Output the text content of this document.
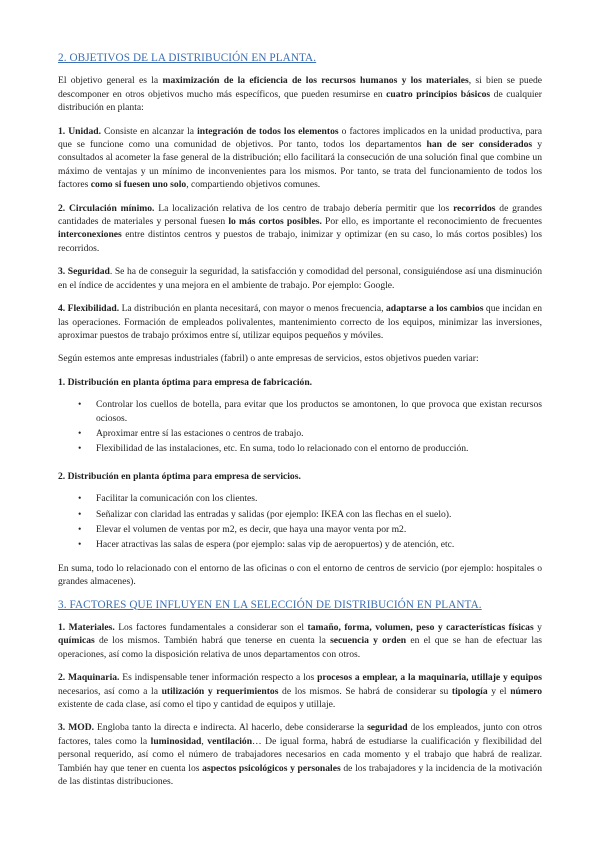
2. OBJETIVOS DE LA DISTRIBUCIÓN EN PLANTA.

El objetivo general es la maximización de la eficiencia de los recursos humanos y los materiales, si bien se puede descomponer en otros objetivos mucho más específicos, que pueden resumirse en cuatro principios básicos de cualquier distribución en planta:

1. Unidad. Consiste en alcanzar la integración de todos los elementos o factores implicados en la unidad productiva, para que se funcione como una comunidad de objetivos. Por tanto, todos los departamentos han de ser considerados y consultados al acometer la fase general de la distribución; ello facilitará la consecución de una solución final que combine un máximo de ventajas y un mínimo de inconvenientes para los mismos. Por tanto, se trata del funcionamiento de todos los factores como si fuesen uno solo, compartiendo objetivos comunes.

2. Circulación mínimo. La localización relativa de los centro de trabajo debería permitir que los recorridos de grandes cantidades de materiales y personal fuesen lo más cortos posibles. Por ello, es importante el reconocimiento de frecuentes interconexiones entre distintos centros y puestos de trabajo, inimizar y optimizar (en su caso, lo más cortos posibles) los recorridos.

3. Seguridad. Se ha de conseguir la seguridad, la satisfacción y comodidad del personal, consiguiéndose así una disminución en el índice de accidentes y una mejora en el ambiente de trabajo. Por ejemplo: Google.

4. Flexibilidad. La distribución en planta necesitará, con mayor o menos frecuencia, adaptarse a los cambios que incidan en las operaciones. Formación de empleados polivalentes, mantenimiento correcto de los equipos, minimizar las inversiones, aproximar puestos de trabajo próximos entre sí, utilizar equipos pequeños y móviles.

Según estemos ante empresas industriales (fabril) o ante empresas de servicios, estos objetivos pueden variar:

1. Distribución en planta óptima para empresa de fabricación.
• Controlar los cuellos de botella, para evitar que los productos se amontonen, lo que provoca que existan recursos ociosos.
• Aproximar entre sí las estaciones o centros de trabajo.
• Flexibilidad de las instalaciones, etc. En suma, todo lo relacionado con el entorno de producción.
2. Distribución en planta óptima para empresa de servicios.
• Facilitar la comunicación con los clientes.
• Señalizar con claridad las entradas y salidas (por ejemplo: IKEA con las flechas en el suelo).
• Elevar el volumen de ventas por m2, es decir, que haya una mayor venta por m2.
• Hacer atractivas las salas de espera (por ejemplo: salas vip de aeropuertos) y de atención, etc.

En suma, todo lo relacionado con el entorno de las oficinas o con el entorno de centros de servicio (por ejemplo: hospitales o grandes almacenes).

3. FACTORES QUE INFLUYEN EN LA SELECCIÓN DE DISTRIBUCIÓN EN PLANTA.

1. Materiales. Los factores fundamentales a considerar son el tamaño, forma, volumen, peso y características físicas y químicas de los mismos. También habrá que tenerse en cuenta la secuencia y orden en el que se han de efectuar las operaciones, así como la disposición relativa de unos departamentos con otros.

2. Maquinaria. Es indispensable tener información respecto a los procesos a emplear, a la maquinaria, utillaje y equipos necesarios, así como a la utilización y requerimientos de los mismos. Se habrá de considerar su tipología y el número existente de cada clase, así como el tipo y cantidad de equipos y utillaje.

3. MOD. Engloba tanto la directa e indirecta. Al hacerlo, debe considerarse la seguridad de los empleados, junto con otros factores, tales como la luminosidad, ventilación… De igual forma, habrá de estudiarse la cualificación y flexibilidad del personal requerido, así como el número de trabajadores necesarios en cada momento y el trabajo que habrá de realizar. También hay que tener en cuenta los aspectos psicológicos y personales de los trabajadores y la incidencia de la motivación de las distintas distribuciones.
